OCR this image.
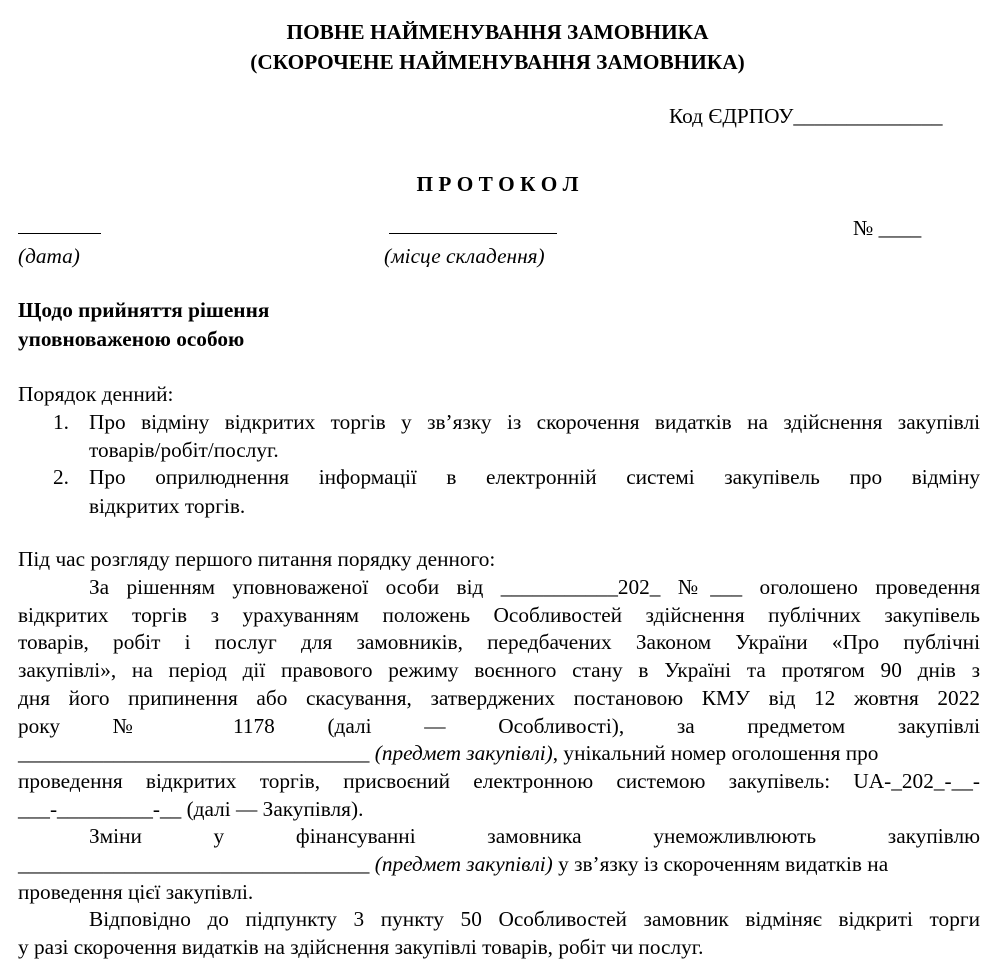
ПОВНЕ НАЙМЕНУВАННЯ ЗАМОВНИКА
(СКОРОЧЕНЕ НАЙМЕНУВАННЯ ЗАМОВНИКА)
Код ЄДРПОУ______________
П Р О Т О К О Л
(дата)	(місце складення)
№ ____
Щодо прийняття рішення
уповноваженою особою
Порядок денний:
1. Про відміну відкритих торгів у зв’язку із скорочення видатків на здійснення закупівлі
товарів/робіт/послуг.
2. Про оприлюднення інформації в електронній системі закупівель про відміну
відкритих торгів.
Під час розгляду першого питання порядку денного:
За рішенням уповноваженої особи від ___________202_ №___ оголошено проведення
відкритих торгів з урахуванням положень Особливостей здійснення публічних закупівель
товарів, робіт і послуг для замовників, передбачених Законом України «Про публічні
закупівлі», на період дії правового режиму воєнного стану в Україні та протягом 90 днів з
дня його припинення або скасування, затверджених постановою КМУ від 12 жовтня 2022
року № 1178 (далі — Особливості), за предметом закупівлі
_________________________________ (предмет закупівлі), унікальний номер оголошення про
проведення відкритих торгів, присвоєний електронною системою закупівель: UA-_202_-__-
___-_________-__ (далі — Закупівля).
Зміни у фінансуванні замовника унеможливлюють закупівлю
_________________________________ (предмет закупівлі) у зв’язку із скороченням видатків на
проведення цієї закупівлі.
Відповідно до підпункту 3 пункту 50 Особливостей замовник відміняє відкриті торги
у разі скорочення видатків на здійснення закупівлі товарів, робіт чи послуг.
